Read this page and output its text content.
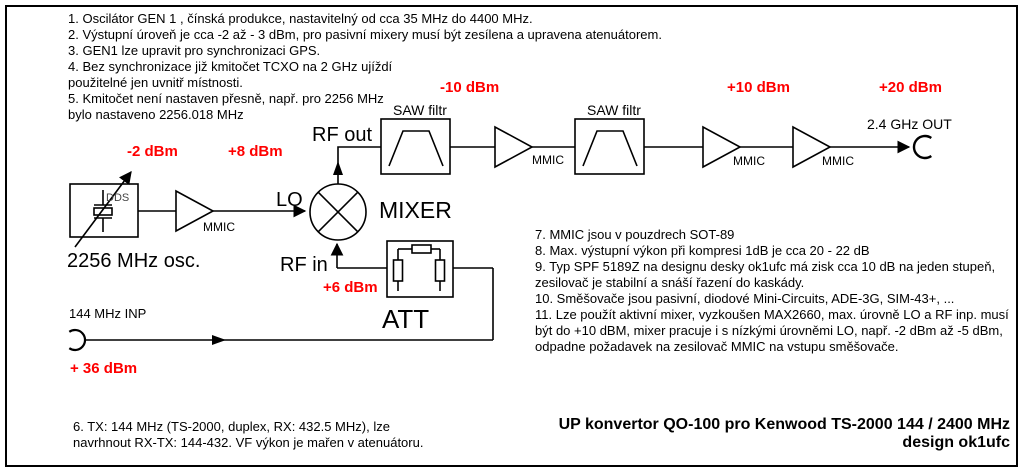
1. Oscilátor GEN 1 , čínská produkce, nastavitelný od cca 35 MHz do 4400 MHz.
2. Výstupní úroveň je cca -2 až - 3 dBm, pro pasivní mixery musí být zesílena a upravena atenuátorem.
3. GEN1 lze upravit pro synchronizaci GPS.
4. Bez synchronizace již kmitočet TCXO na 2 GHz ujíždí
použitelné jen uvnitř místnosti.
5. Kmitočet není nastaven přesně, např. pro 2256 MHz
bylo nastaveno 2256.018 MHz
7. MMIC jsou v pouzdrech SOT-89
8. Max. výstupní výkon při kompresi 1dB je cca 20 - 22 dB
9. Typ SPF 5189Z na designu desky ok1ufc má zisk cca 10 dB na jeden stupeň,
zesilovač je stabilní a snáší řazení do kaskády.
10. Směšovače jsou pasivní, diodové Mini-Circuits, ADE-3G, SIM-43+, ...
11. Lze použít aktivní mixer, vyzkoušen MAX2660, max. úrovně LO a RF inp. musí
být do +10 dBM, mixer pracuje i s nízkými úrovněmi LO, např. -2 dBm až -5 dBm,
odpadne požadavek na zesilovač MMIC na vstupu směšovače.
6. TX: 144 MHz (TS-2000, duplex, RX: 432.5 MHz), lze
navrhnout RX-TX: 144-432. VF výkon je mařen v atenuátoru.
UP konvertor QO-100 pro Kenwood TS-2000 144 / 2400 MHz
design ok1ufc
-2 dBm	+8 dBm
-10 dBm	+10 dBm	+20 dBm
+6 dBm
+ 36 dBm
DDS
2256 MHz osc.
MMIC
LO
RF out
RF in
MIXER
ATT
SAW filtr	SAW filtr
MMIC	MMIC	MMIC
144 MHz INP
2.4 GHz OUT
